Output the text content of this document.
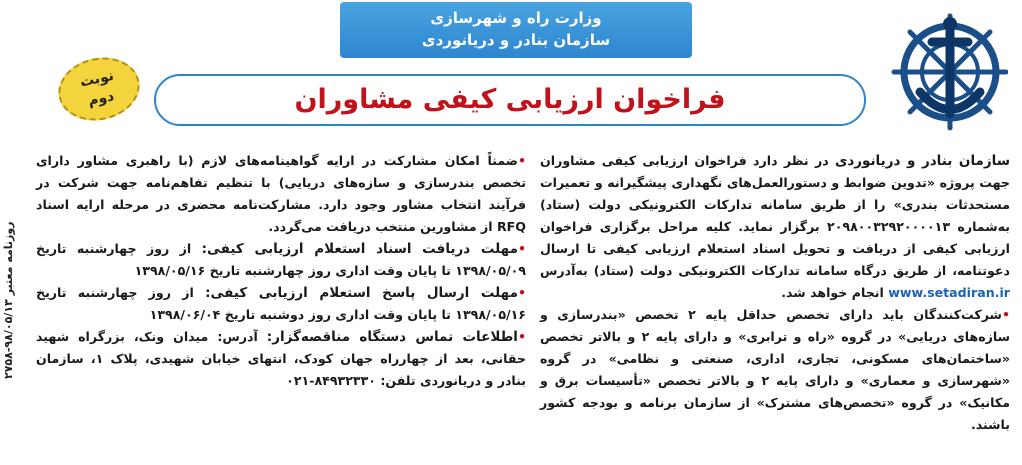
وزارت راه و شهرسازی
سازمان بنادر و دریانوردی
نوبت
دوم	فراخوان ارزیابی کیفی مشاوران

سازمان بنادر و دریانوردی در نظر دارد فراخوان ارزیابی کیفی مشاوران جهت پروژه «تدوین ضوابط و دستورالعمل‌های نگهداری پیشگیرانه و تعمیرات مستحدثات بندری» را از طریق سامانه تدارکات الکترونیکی دولت (ستاد) به‌شماره ۲۰۹۸۰۰۳۲۹۲۰۰۰۰۱۳ برگزار نماید. کلیه مراحل برگزاری فراخوان ارزیابی کیفی از دریافت و تحویل اسناد استعلام ارزیابی کیفی تا ارسال دعوتنامه، از طریق درگاه سامانه تدارکات الکترونیکی دولت (ستاد) به‌آدرس www.setadiran.ir انجام خواهد شد.

•شرکت‌کنندگان باید دارای تخصص حداقل پایه ۲ تخصص «بندرسازی و سازه‌های دریایی» در گروه «راه و ترابری» و دارای پایه ۲ و بالاتر تخصص «ساختمان‌های مسکونی، تجاری، اداری، صنعتی و نظامی» در گروه «شهرسازی و معماری» و دارای پایه ۲ و بالاتر تخصص «تأسیسات برق و مکانیک» در گروه «تخصص‌های مشترک» از سازمان برنامه و بودجه کشور باشند.

•ضمناً امکان مشارکت در ارایه گواهینامه‌های لازم (با راهبری مشاور دارای تخصص بندرسازی و سازه‌های دریایی) با تنظیم تفاهم‌نامه جهت شرکت در فرآیند انتخاب مشاور وجود دارد. مشارکت‌نامه محضری در مرحله ارایه اسناد RFQ از مشاورین منتخب دریافت می‌گردد.

•مهلت دریافت اسناد استعلام ارزیابی کیفی: از روز چهارشنبه تاریخ ۱۳۹۸/۰۵/۰۹ تا پایان وقت اداری روز چهارشنبه تاریخ ۱۳۹۸/۰۵/۱۶

•مهلت ارسال پاسخ استعلام ارزیابی کیفی: از روز چهارشنبه تاریخ ۱۳۹۸/۰۵/۱۶ تا پایان وقت اداری روز دوشنبه تاریخ ۱۳۹۸/۰۶/۰۴

•اطلاعات تماس دستگاه مناقصه‌گزار: آدرس: میدان ونک، بزرگراه شهید حقانی، بعد از چهارراه جهان کودک، انتهای خیابان شهیدی، پلاک ۱، سازمان بنادر و دریانوردی تلفن: ۸۴۹۳۲۳۳۰-۰۲۱

روزنامه معتبر ۹۸/۰۵/۱۳-۲۷۵۸
